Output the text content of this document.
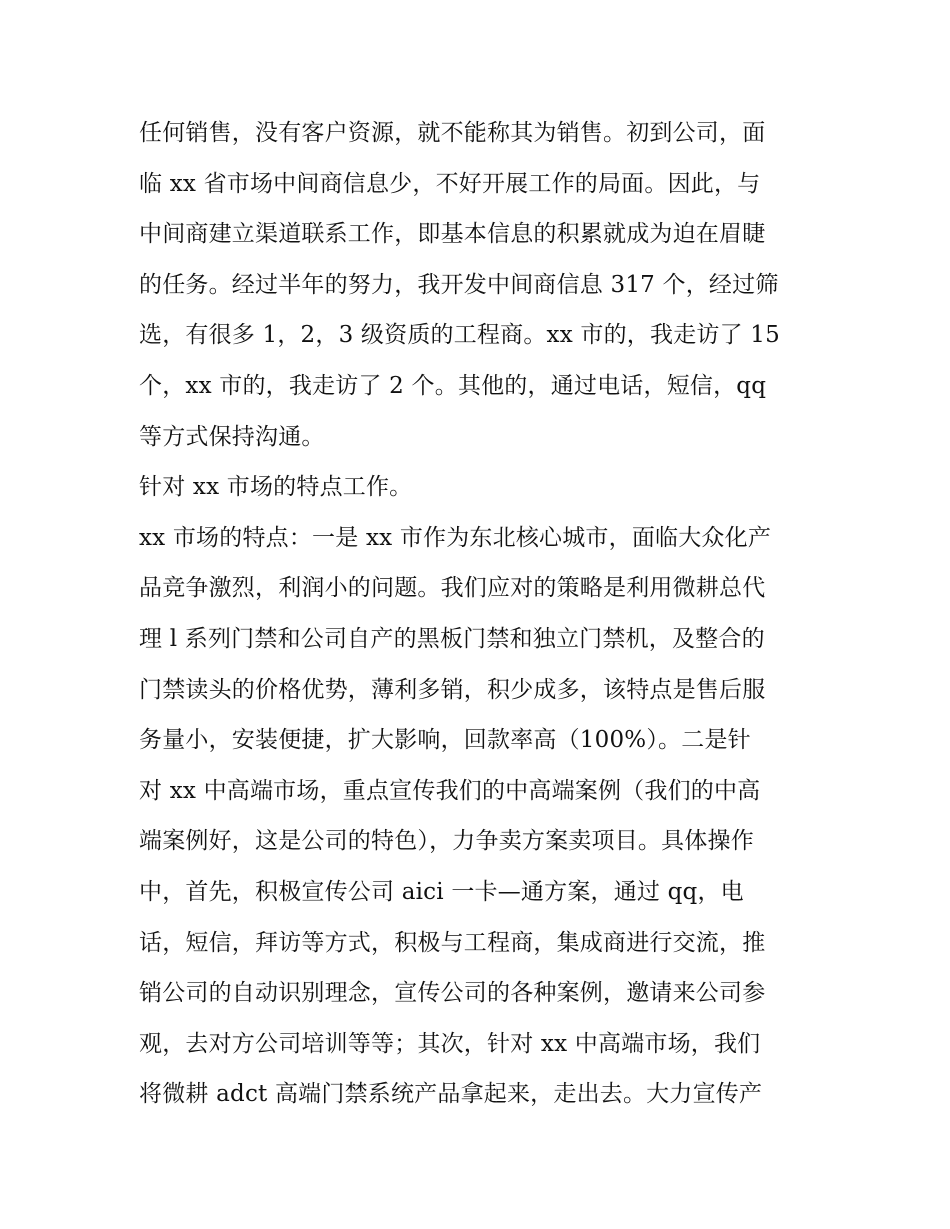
任何销售，没有客户资源，就不能称其为销售。初到公司，面
临 xx 省市场中间商信息少，不好开展工作的局面。因此，与
中间商建立渠道联系工作，即基本信息的积累就成为迫在眉睫
的任务。经过半年的努力，我开发中间商信息 317 个，经过筛
选，有很多 1，2，3 级资质的工程商。xx 市的，我走访了 15
个，xx 市的，我走访了 2 个。其他的，通过电话，短信，qq
等方式保持沟通。
针对 xx 市场的特点工作。
xx 市场的特点：一是 xx 市作为东北核心城市，面临大众化产
品竞争激烈，利润小的问题。我们应对的策略是利用微耕总代
理 l 系列门禁和公司自产的黑板门禁和独立门禁机，及整合的
门禁读头的价格优势，薄利多销，积少成多，该特点是售后服
务量小，安装便捷，扩大影响，回款率高（100%）。二是针
对 xx 中高端市场，重点宣传我们的中高端案例（我们的中高
端案例好，这是公司的特色），力争卖方案卖项目。具体操作
中，首先，积极宣传公司 aici 一卡—通方案，通过 qq，电
话，短信，拜访等方式，积极与工程商，集成商进行交流，推
销公司的自动识别理念，宣传公司的各种案例，邀请来公司参
观，去对方公司培训等等；其次，针对 xx 中高端市场，我们
将微耕 adct 高端门禁系统产品拿起来，走出去。大力宣传产
